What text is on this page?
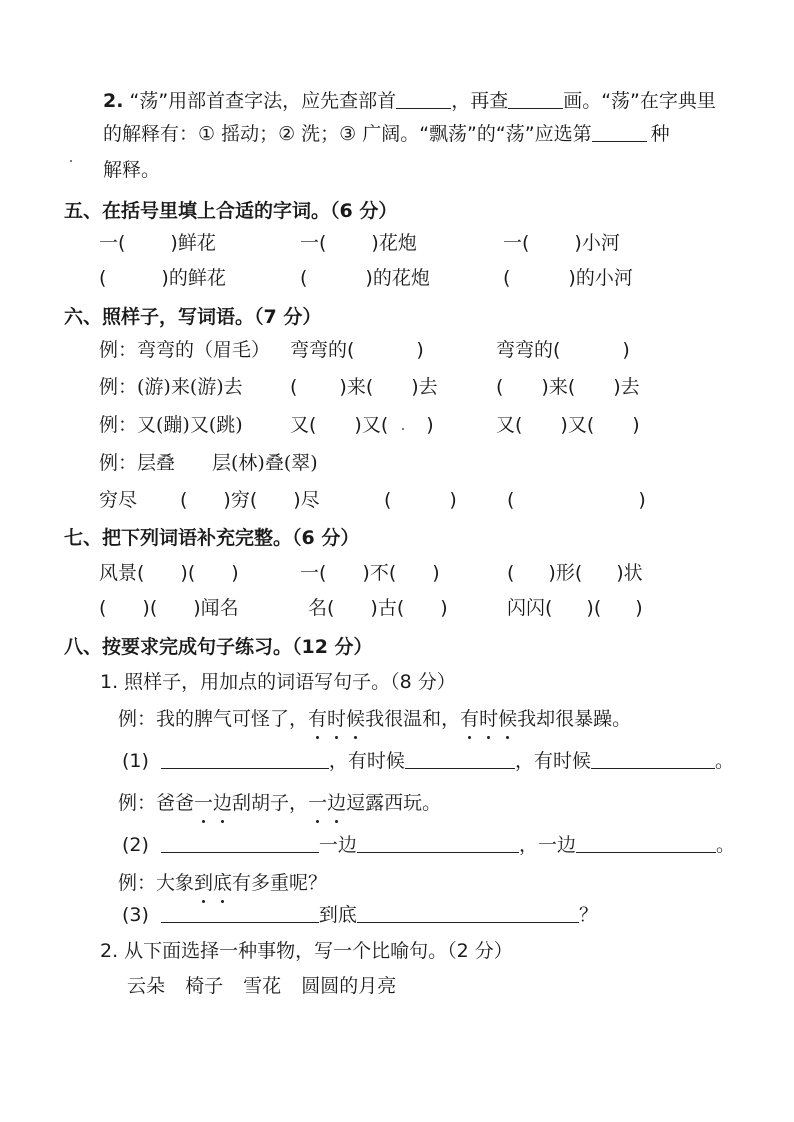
2. “荡”用部首查字法，应先查部首	，再查	画。“荡”在字典里
的解释有：① 摇动；② 洗；③ 广阔。“飘荡”的“荡”应选第	种
解释。
五、在括号里填上合适的字词。（6 分）
一( )鲜花	一( )花炮	一( )小河
(	)的鲜花	(	)的花炮	(	)的小河
六、照样子，写词语。（7 分）
例：弯弯的（眉毛） 弯弯的(	)	弯弯的(	)
例：(游)来(游)去 ( )来( )去	( )来( )去
例：又(蹦)又(跳) 又( )又( )	又( )又( )
例：层叠 层(林)叠(翠)
穷尽 ( )穷( )尽	(	)	(	)
七、把下列词语补充完整。（6 分）
风景( )( )	一( )不( )	( )形( )状
( )( )闻名	名( )古( )	闪闪( )( )
八、按要求完成句子练习。（12 分）
1. 照样子，用加点的词语写句子。（8 分）
例：我的脾气可怪了，有时候我很温和，有时候我却很暴躁。
(1)	，有时候	，有时候	。
例：爸爸一边刮胡子，一边逗露西玩。
(2)	一边	，一边	。
例：大象到底有多重呢？
(3)	到底	？
2. 从下面选择一种事物，写一个比喻句。（2 分）
云朵 椅子 雪花 圆圆的月亮
